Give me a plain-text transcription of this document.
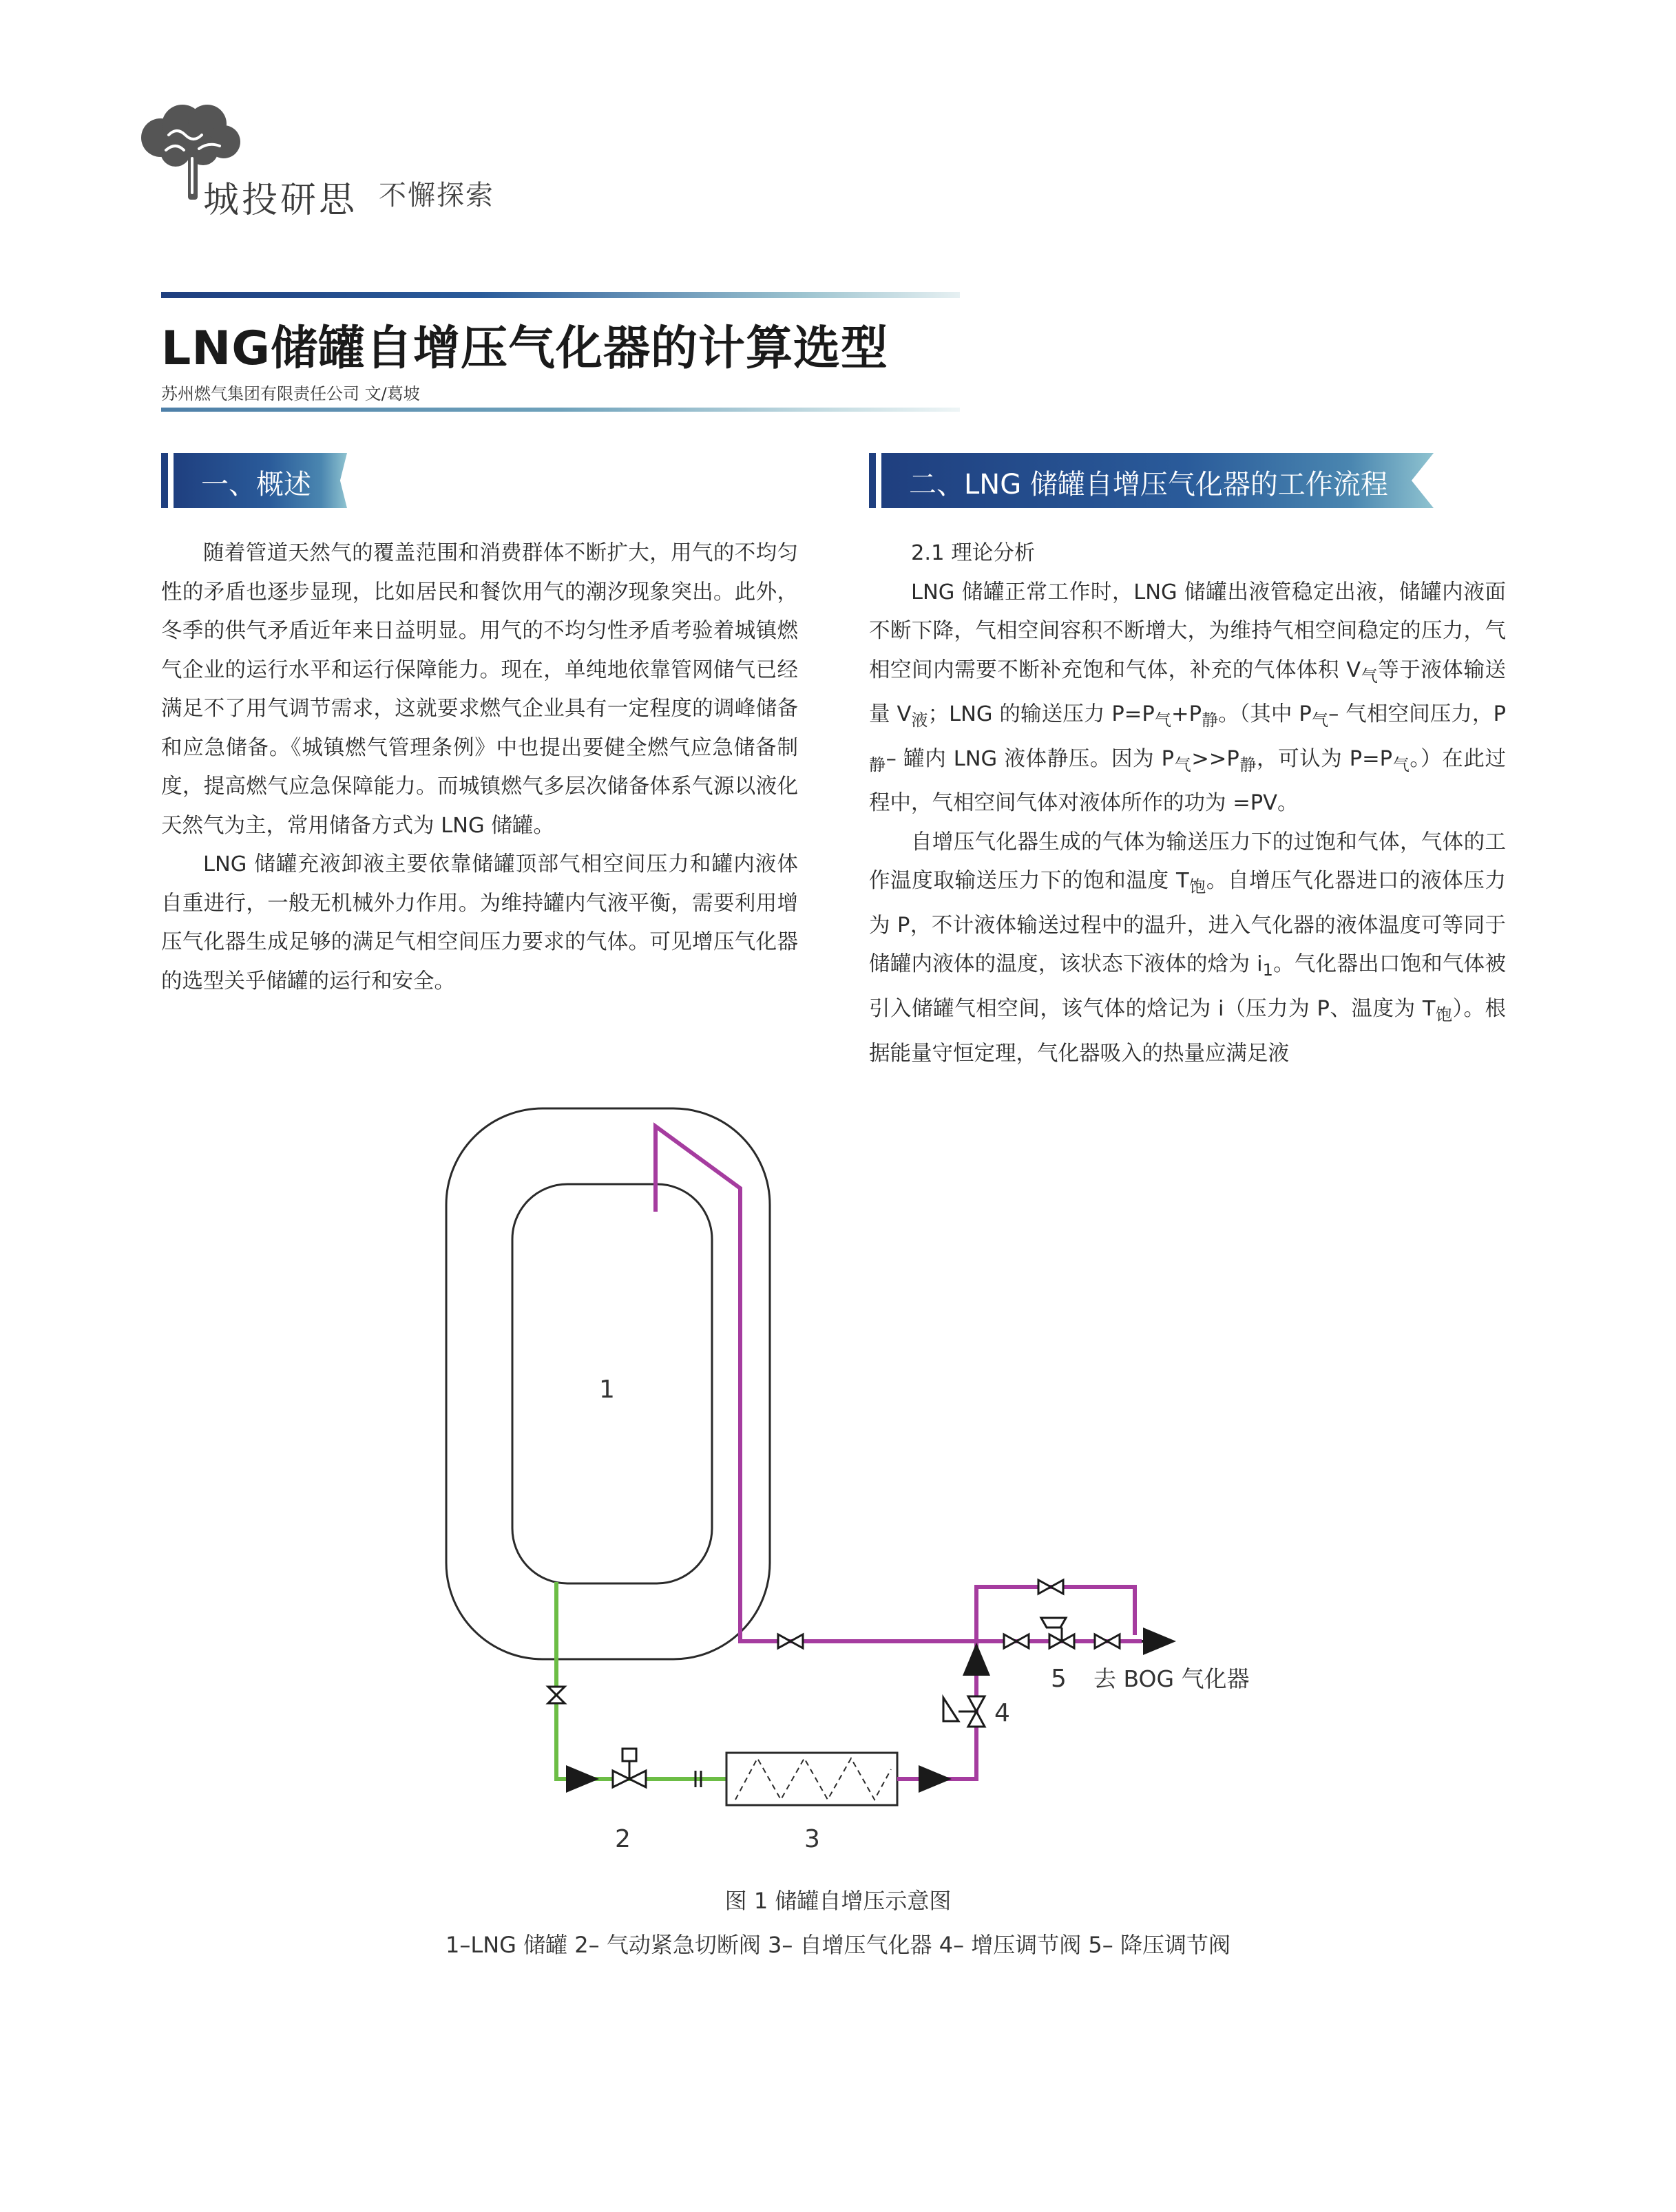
城投研思 不懈探索
LNG储罐自增压气化器的计算选型
苏州燃气集团有限责任公司 文/葛坡
一、概述	二、LNG 储罐自增压气化器的工作流程

随着管道天然气的覆盖范围和消费群体不断扩大，用气的不均匀性的矛盾也逐步显现，比如居民和餐饮用气的潮汐现象突出。此外，冬季的供气矛盾近年来日益明显。用气的不均匀性矛盾考验着城镇燃气企业的运行水平和运行保障能力。现在，单纯地依靠管网储气已经满足不了用气调节需求，这就要求燃气企业具有一定程度的调峰储备和应急储备。《城镇燃气管理条例》中也提出要健全燃气应急储备制度，提高燃气应急保障能力。而城镇燃气多层次储备体系气源以液化天然气为主，常用储备方式为 LNG 储罐。

LNG 储罐充液卸液主要依靠储罐顶部气相空间压力和罐内液体自重进行，一般无机械外力作用。为维持罐内气液平衡，需要利用增压气化器生成足够的满足气相空间压力要求的气体。可见增压气化器的选型关乎储罐的运行和安全。

2.1 理论分析

LNG 储罐正常工作时，LNG 储罐出液管稳定出液，储罐内液面不断下降，气相空间容积不断增大，为维持气相空间稳定的压力，气相空间内需要不断补充饱和气体，补充的气体体积 $V_气$等于液体输送量 $V_液$；LNG 的输送压力 $P=P_气+P_静$。（其中 $P_气-$ 气相空间压力，$P_静-$ 罐内 LNG 液体静压。因为 $P_气>>P_静$，可认为 $P=P_气$。）在此过程中，气相空间气体对液体所作的功为 =PV。

自增压气化器生成的气体为输送压力下的过饱和气体，气体的工作温度取输送压力下的饱和温度 $T_饱$。自增压气化器进口的液体压力为 P，不计液体输送过程中的温升，进入气化器的液体温度可等同于储罐内液体的温度，该状态下液体的焓为 $i_1$。气化器出口饱和气体被引入储罐气相空间，该气体的焓记为 i（压力为 P、温度为 $T_饱$）。根据能量守恒定理，气化器吸入的热量应满足液

1
3
2
4
5 去 BOG 气化器
图 1 储罐自增压示意图
1–LNG 储罐 2– 气动紧急切断阀 3– 自增压气化器 4– 增压调节阀 5– 降压调节阀
